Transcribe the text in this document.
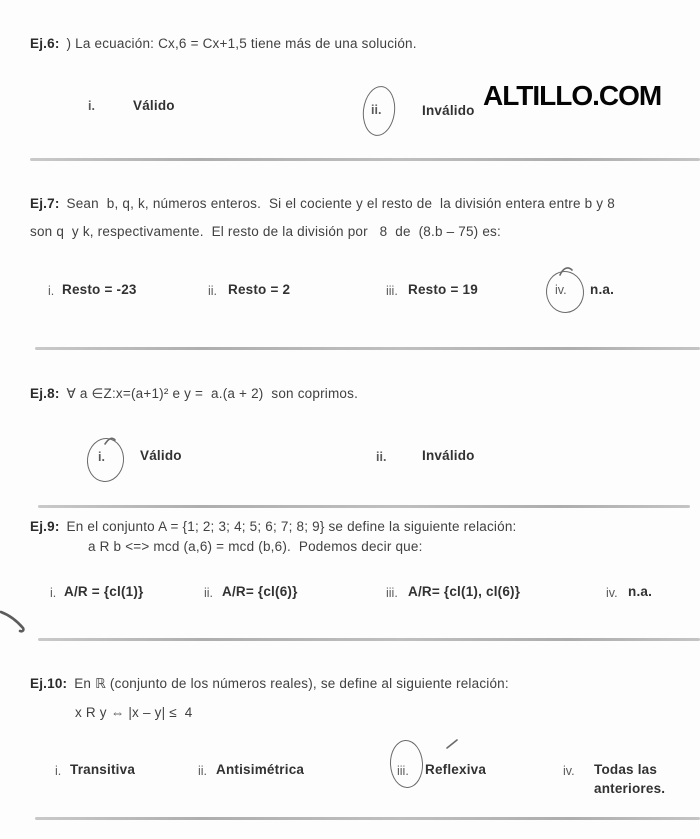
Ej.6: ) La ecuación: Cx,6 = Cx+1,5 tiene más de una solución.
i.	Válido	ii.	Inválido ALTILLO.COM
Ej.7: Sean  b, q, k, números enteros.  Si el cociente y el resto de  la división entera entre b y 8
son q  y k, respectivamente.  El resto de la división por   8  de  (8.b – 75) es:
i. Resto = -23	ii. Resto = 2	iii. Resto = 19	iv. n.a.
Ej.8: ∀ a ∈Z:x=(a+1)² e y =  a.(a + 2)  son coprimos.
i.	Válido	ii.	Inválido
Ej.9: En el conjunto A = {1; 2; 3; 4; 5; 6; 7; 8; 9} se define la siguiente relación:
a R b <=> mcd (a,6) = mcd (b,6).  Podemos decir que:
i. A/R = {cl(1)}	ii. A/R= {cl(6)}	iii. A/R= {cl(1), cl(6)}	iv. n.a.
Ej.10: En ℝ (conjunto de los números reales), se define al siguiente relación:
x R y ⇔ |x – y| ≤  4
i. Transitiva	ii. Antisimétrica	iii. Reflexiva	iv. Todas las
anteriores.
